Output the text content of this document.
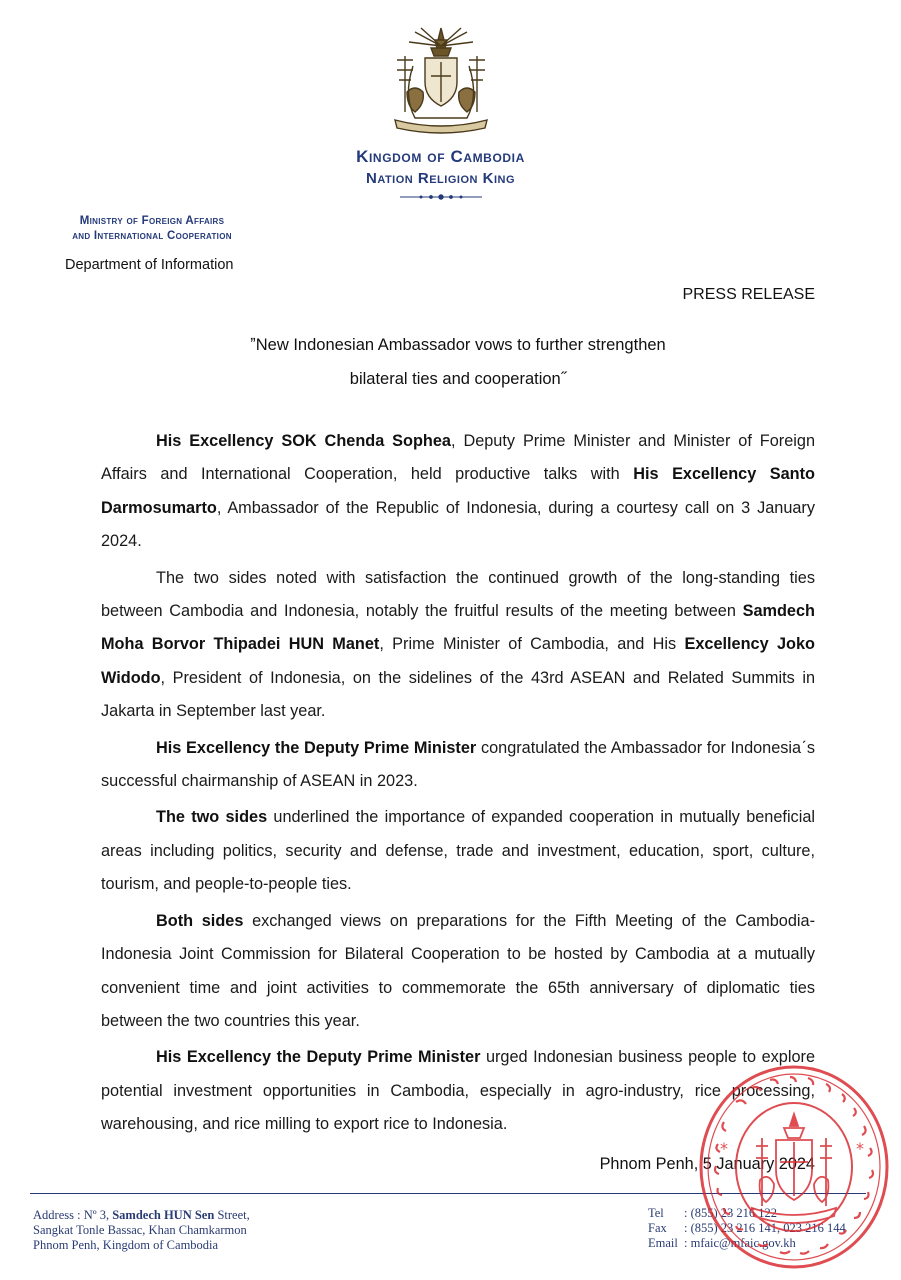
Kingdom of Cambodia
Nation Religion King
Ministry of Foreign Affairs
and International Cooperation
Department of Information
PRESS RELEASE
ˮNew Indonesian Ambassador vows to further strengthen
bilateral ties and cooperation˝

His Excellency SOK Chenda Sophea, Deputy Prime Minister and Minister of Foreign Affairs and International Cooperation, held productive talks with His Excellency Santo Darmosumarto, Ambassador of the Republic of Indonesia, during a courtesy call on 3 January 2024.

The two sides noted with satisfaction the continued growth of the long-standing ties between Cambodia and Indonesia, notably the fruitful results of the meeting between Samdech Moha Borvor Thipadei HUN Manet, Prime Minister of Cambodia, and His Excellency Joko Widodo, President of Indonesia, on the sidelines of the 43rd ASEAN and Related Summits in Jakarta in September last year.

His Excellency the Deputy Prime Minister congratulated the Ambassador for Indonesiaˊs successful chairmanship of ASEAN in 2023.

The two sides underlined the importance of expanded cooperation in mutually beneficial areas including politics, security and defense, trade and investment, education, sport, culture, tourism, and people-to-people ties.

Both sides exchanged views on preparations for the Fifth Meeting of the Cambodia-Indonesia Joint Commission for Bilateral Cooperation to be hosted by Cambodia at a mutually convenient time and joint activities to commemorate the 65th anniversary of diplomatic ties between the two countries this year.

His Excellency the Deputy Prime Minister urged Indonesian business people to explore potential investment opportunities in Cambodia, especially in agro-industry, rice processing, warehousing, and rice milling to export rice to Indonesia.

Phnom Penh, 5 January 2024
Address : Nº 3, Samdech HUN Sen Street,
Sangkat Tonle Bassac, Khan Chamkarmon
Phnom Penh, Kingdom of Cambodia
Tel : (855) 23 216 122
Fax : (855) 23 216 141, 023 216 144
Email : mfaic@mfaic.gov.kh
*	*
